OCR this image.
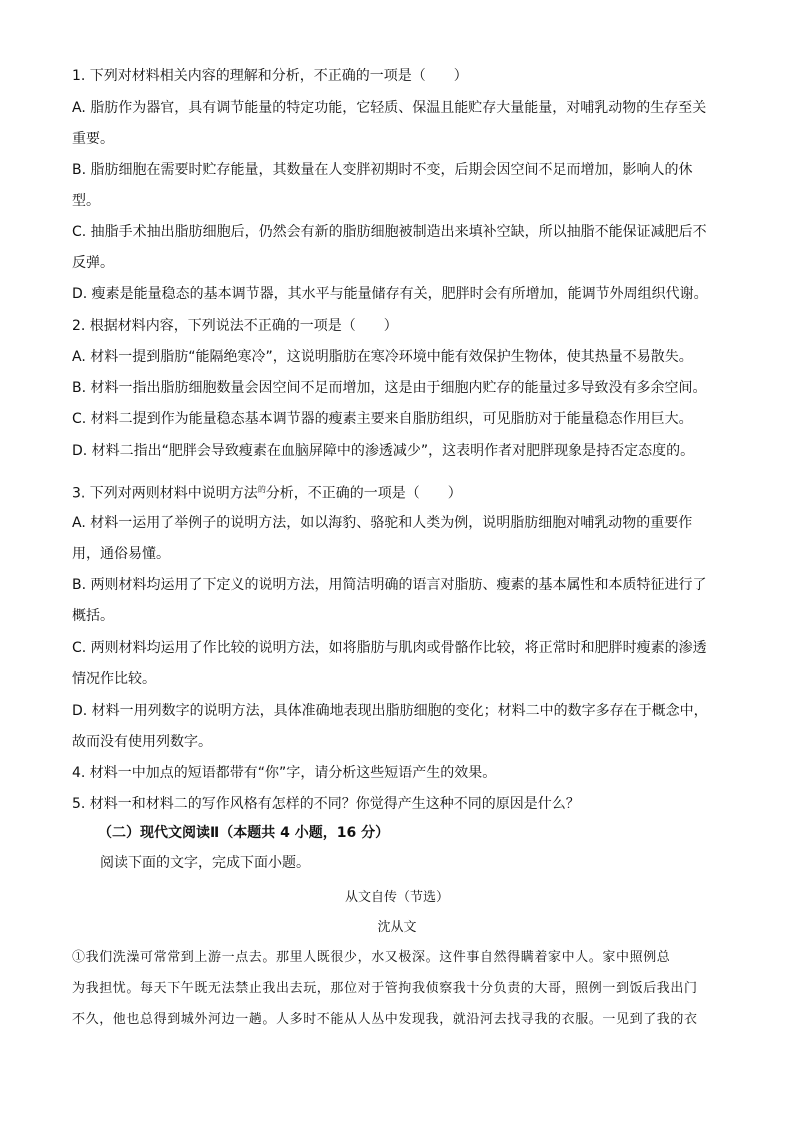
1. 下列对材料相关内容的理解和分析，不正确的一项是（　　）
A. 脂肪作为器官，具有调节能量的特定功能，它轻质、保温且能贮存大量能量，对哺乳动物的生存至关
重要。
B. 脂肪细胞在需要时贮存能量，其数量在人变胖初期时不变，后期会因空间不足而增加，影响人的休
型。
C. 抽脂手术抽出脂肪细胞后，仍然会有新的脂肪细胞被制造出来填补空缺，所以抽脂不能保证减肥后不
反弹。
D. 瘦素是能量稳态的基本调节器，其水平与能量储存有关，肥胖时会有所增加，能调节外周组织代谢。
2. 根据材料内容，下列说法不正确的一项是（　　）
A. 材料一提到脂肪“能隔绝寒冷”，这说明脂肪在寒冷环境中能有效保护生物体，使其热量不易散失。
B. 材料一指出脂肪细胞数量会因空间不足而增加，这是由于细胞内贮存的能量过多导致没有多余空间。
C. 材料二提到作为能量稳态基本调节器的瘦素主要来自脂肪组织，可见脂肪对于能量稳态作用巨大。
D. 材料二指出“肥胖会导致瘦素在血脑屏障中的渗透减少”，这表明作者对肥胖现象是持否定态度的。
3. 下列对两则材料中说明方法$^的$分析，不正确的一项是（　　）
A. 材料一运用了举例子的说明方法，如以海豹、骆驼和人类为例，说明脂肪细胞对哺乳动物的重要作
用，通俗易懂。
B. 两则材料均运用了下定义的说明方法，用简洁明确的语言对脂肪、瘦素的基本属性和本质特征进行了
概括。
C. 两则材料均运用了作比较的说明方法，如将脂肪与肌肉或骨骼作比较，将正常时和肥胖时瘦素的渗透
情况作比较。
D. 材料一用列数字的说明方法，具体准确地表现出脂肪细胞的变化；材料二中的数字多存在于概念中，
故而没有使用列数字。
4. 材料一中加点的短语都带有“你”字，请分析这些短语产生的效果。
5. 材料一和材料二的写作风格有怎样的不同？你觉得产生这种不同的原因是什么？
（二）现代文阅读Ⅱ（本题共 4 小题，16 分）
阅读下面的文字，完成下面小题。
从文自传（节选）
沈从文
①我们洗澡可常常到上游一点去。那里人既很少，水又极深。这件事自然得瞒着家中人。家中照例总
为我担忧。每天下午既无法禁止我出去玩，那位对于管拘我侦察我十分负责的大哥，照例一到饭后我出门
不久，他也总得到城外河边一趟。人多时不能从人丛中发现我，就沿河去找寻我的衣服。一见到了我的衣
